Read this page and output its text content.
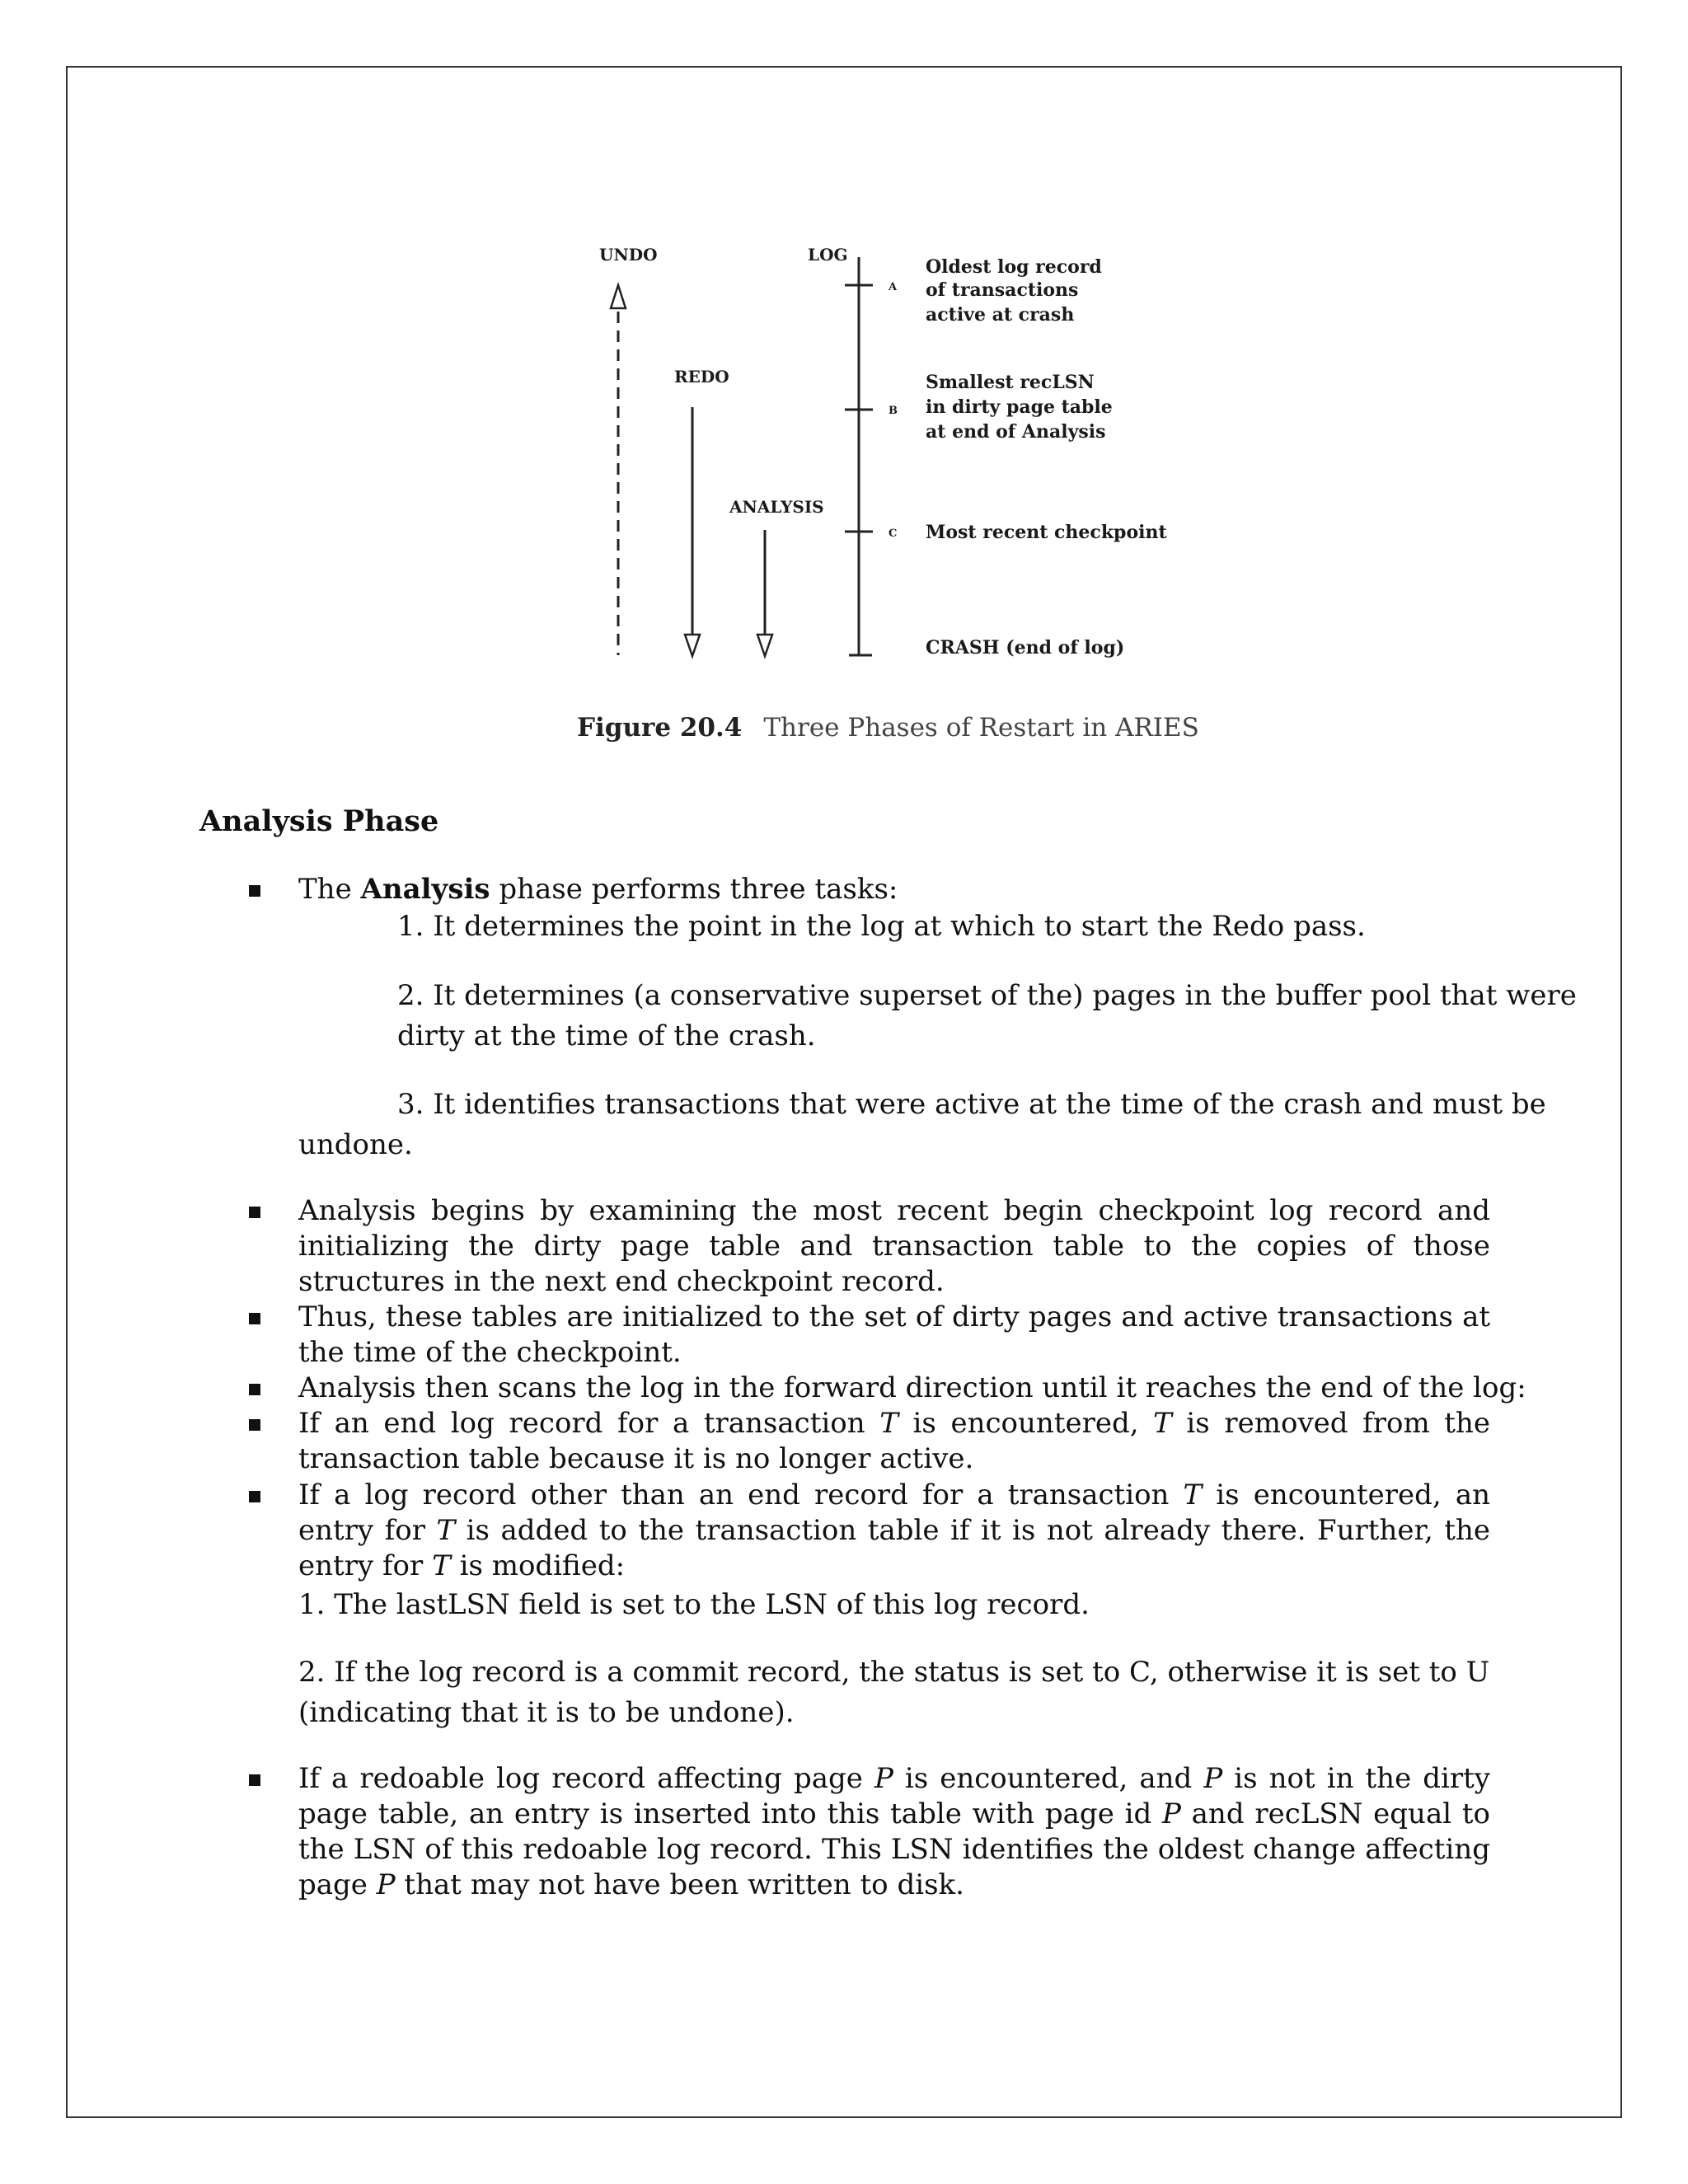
UNDO
REDO
ANALYSIS
LOG
A
B
C
Oldest log record
of transactions
active at crash
Smallest recLSN
in dirty page table
at end of Analysis
Most recent checkpoint
CRASH (end of log)
Figure 20.4 Three Phases of Restart in ARIES
Analysis Phase
The Analysis phase performs three tasks:
1. It determines the point in the log at which to start the Redo pass.
2. It determines (a conservative superset of the) pages in the buffer pool that were
dirty at the time of the crash.
3. It identifies transactions that were active at the time of the crash and must be
undone.
Analysis begins by examining the most recent begin checkpoint log record and initializing the dirty page table and transaction table to the copies of those structures in the next end checkpoint record.
Thus, these tables are initialized to the set of dirty pages and active transactions at the time of the checkpoint.
Analysis then scans the log in the forward direction until it reaches the end of the log:
If an end log record for a transaction T is encountered, T is removed from the transaction table because it is no longer active.
If a log record other than an end record for a transaction T is encountered, an entry for T is added to the transaction table if it is not already there. Further, the entry for T is modified:
1. The lastLSN field is set to the LSN of this log record.
2. If the log record is a commit record, the status is set to C, otherwise it is set to U
(indicating that it is to be undone).
If a redoable log record affecting page P is encountered, and P is not in the dirty page table, an entry is inserted into this table with page id P and recLSN equal to the LSN of this redoable log record. This LSN identifies the oldest change affecting page P that may not have been written to disk.
